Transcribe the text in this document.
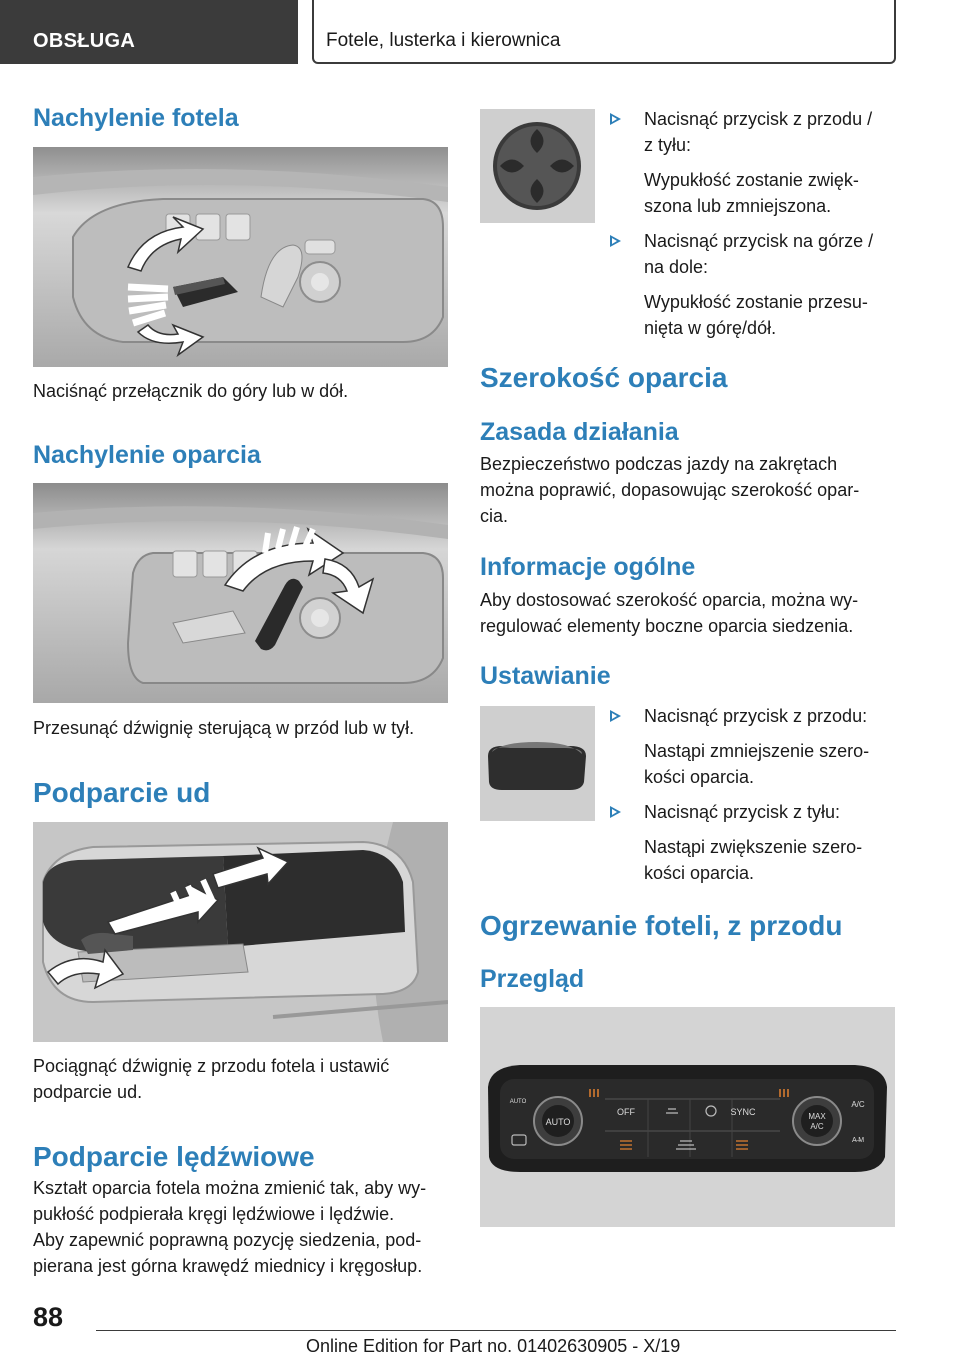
OBSŁUGA	Fotele, lusterka i kierownica
Nachylenie fotela
Naciśnąć przełącznik do góry lub w dół.
Nachylenie oparcia
Przesunąć dźwignię sterującą w przód lub w tył.
Podparcie ud
Pociągnąć dźwignię z przodu fotela i ustawić
podparcie ud.
Podparcie lędźwiowe
Kształt oparcia fotela można zmienić tak, aby wy‐
pukłość podpierała kręgi lędźwiowe i lędźwie.
Aby zapewnić poprawną pozycję siedzenia, pod‐
pierana jest górna krawędź miednicy i kręgosłup.
Nacisnąć przycisk z przodu /
z tyłu:
Wypukłość zostanie zwięk‐
szona lub zmniejszona.
Nacisnąć przycisk na górze /
na dole:
Wypukłość zostanie przesu‐
nięta w górę/dół.
Szerokość oparcia
Zasada działania
Bezpieczeństwo podczas jazdy na zakrętach
można poprawić, dopasowując szerokość opar‐
cia.
Informacje ogólne
Aby dostosować szerokość oparcia, można wy‐
regulować elementy boczne oparcia siedzenia.
Ustawianie
Nacisnąć przycisk z przodu:
Nastąpi zmniejszenie szero‐
kości oparcia.
Nacisnąć przycisk z tyłu:
Nastąpi zwiększenie szero‐
kości oparcia.
Ogrzewanie foteli, z przodu
Przegląd
AUTO
MAX
A/C
OFF	SYNC
A/C
A ̶M
AUTO
88
Online Edition for Part no. 01402630905 - X/19
